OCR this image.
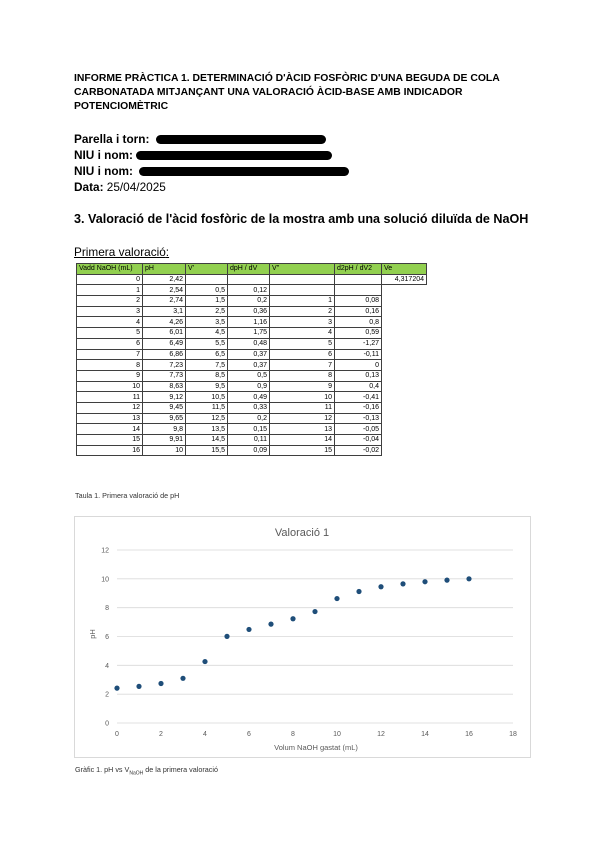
INFORME PRÀCTICA 1. DETERMINACIÓ D'ÀCID FOSFÒRIC D'UNA BEGUDA DE COLA CARBONATADA MITJANÇANT UNA VALORACIÓ ÀCID-BASE AMB INDICADOR POTENCIOMÈTRIC
Parella i torn:
NIU i nom:
NIU i nom:
Data: 25/04/2025
3. Valoració de l'àcid fosfòric de la mostra amb una solució diluïda de NaOH
Primera valoració:
Vadd NaOH (mL)	pH	V'	dpH / dV	V''	d2pH / dV2	Ve
0	2,42					4,317204
1	2,54	0,5	0,12			
2	2,74	1,5	0,2	1	0,08	
3	3,1	2,5	0,36	2	0,16	
4	4,26	3,5	1,16	3	0,8	
5	6,01	4,5	1,75	4	0,59	
6	6,49	5,5	0,48	5	-1,27	
7	6,86	6,5	0,37	6	-0,11	
8	7,23	7,5	0,37	7	0	
9	7,73	8,5	0,5	8	0,13	
10	8,63	9,5	0,9	9	0,4	
11	9,12	10,5	0,49	10	-0,41	
12	9,45	11,5	0,33	11	-0,16	
13	9,65	12,5	0,2	12	-0,13	
14	9,8	13,5	0,15	13	-0,05	
15	9,91	14,5	0,11	14	-0,04	
16	10	15,5	0,09	15	-0,02	
Taula 1. Primera valoració de pH
Valoració 1
0
2
4
6
8
10
12
0	2	4	6	8	10	12	14	16	18
Volum NaOH gastat (mL)
pH
Gràfic 1. pH vs $V_{NaOH}$ de la primera valoració
